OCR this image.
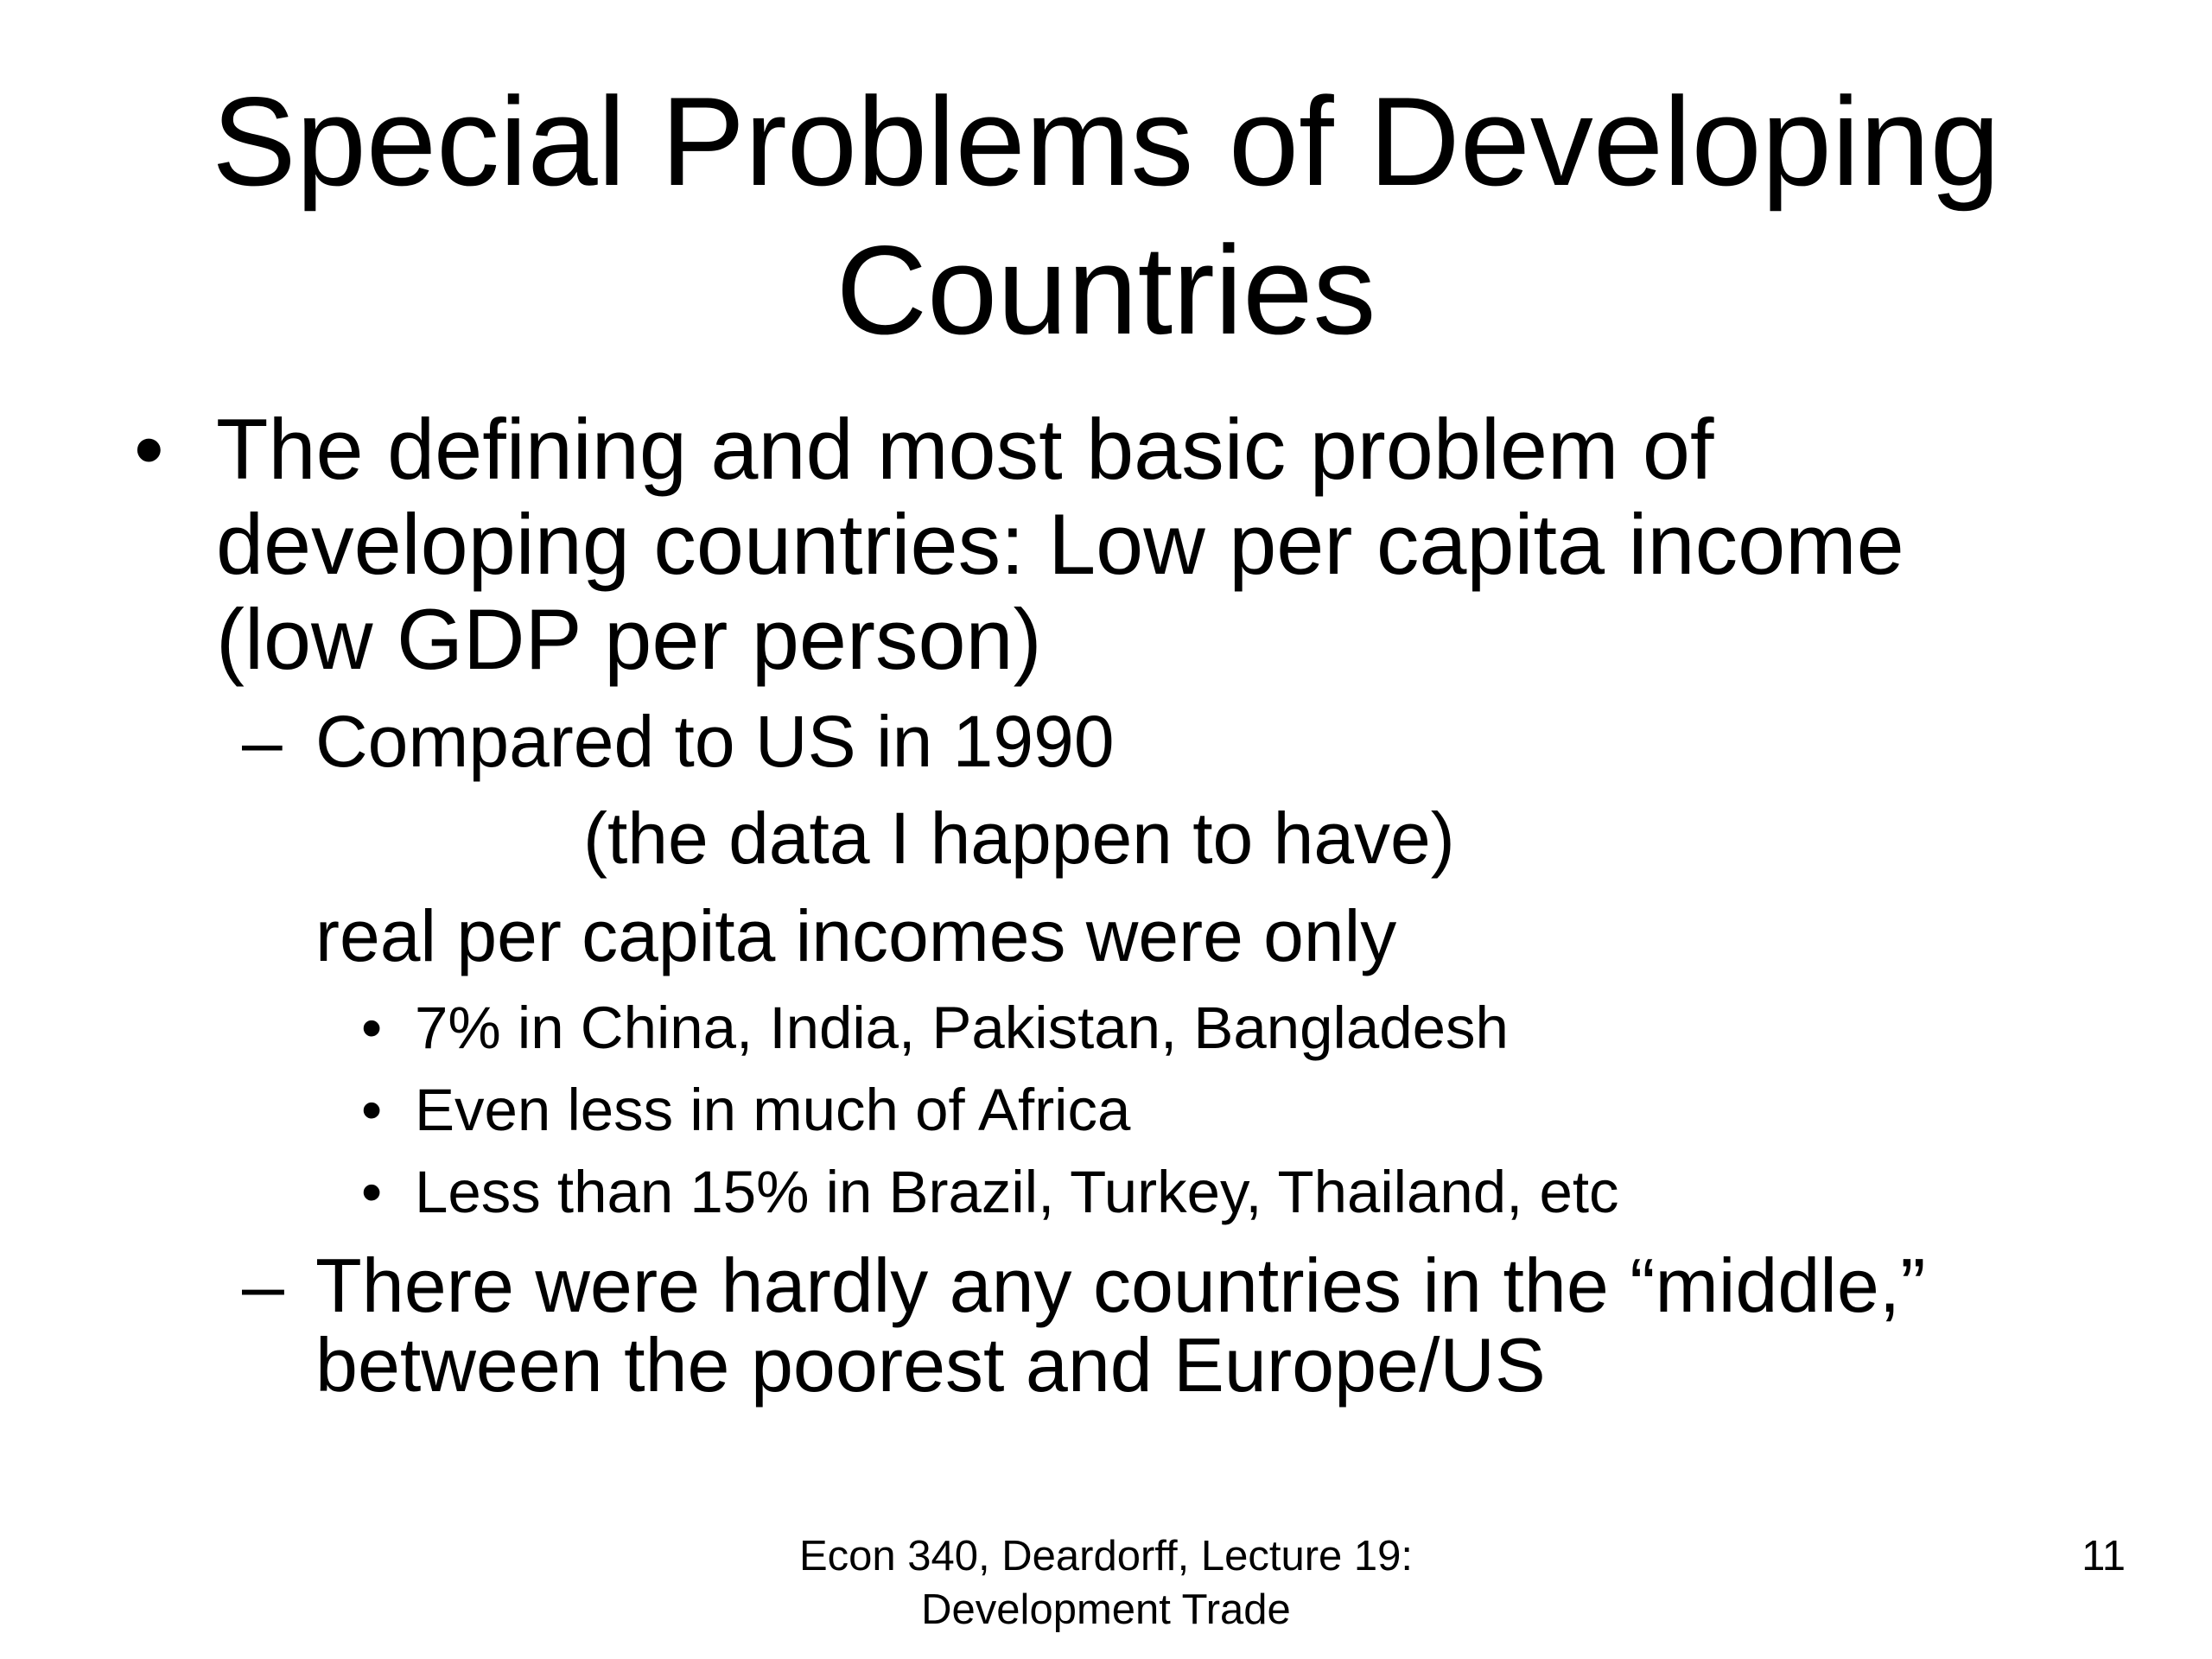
Special Problems of Developing
Countries
• The defining and most basic problem of
developing countries: Low per capita income
(low GDP per person)
– Compared to US in 1990
(the data I happen to have)
real per capita incomes were only
• 7% in China, India, Pakistan, Bangladesh
• Even less in much of Africa
• Less than 15% in Brazil, Turkey, Thailand, etc
– There were hardly any countries in the “middle,”
between the poorest and Europe/US
Econ 340, Deardorff, Lecture 19:
Development Trade
11
